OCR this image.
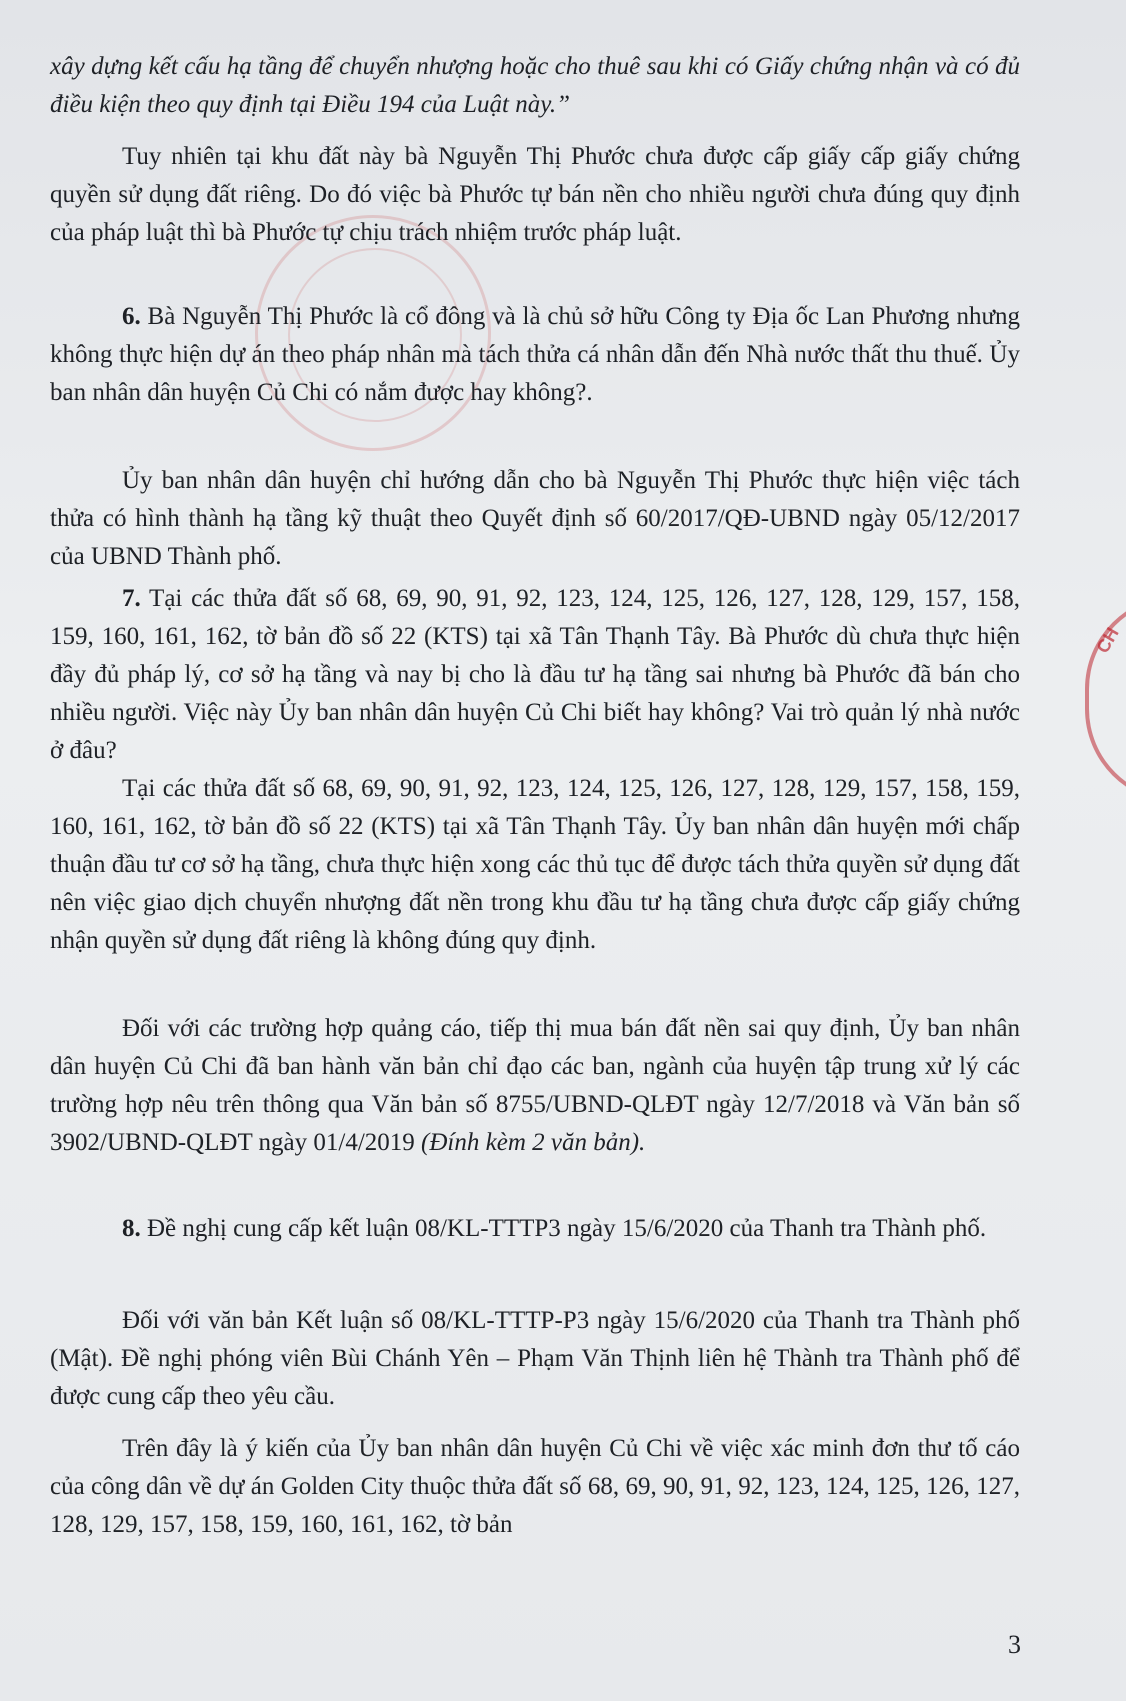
CH

xây dựng kết cấu hạ tầng để chuyển nhượng hoặc cho thuê sau khi có Giấy chứng nhận và có đủ điều kiện theo quy định tại Điều 194 của Luật này.”

Tuy nhiên tại khu đất này bà Nguyễn Thị Phước chưa được cấp giấy cấp giấy chứng quyền sử dụng đất riêng. Do đó việc bà Phước tự bán nền cho nhiều người chưa đúng quy định của pháp luật thì bà Phước tự chịu trách nhiệm trước pháp luật.

6. Bà Nguyễn Thị Phước là cổ đông và là chủ sở hữu Công ty Địa ốc Lan Phương nhưng không thực hiện dự án theo pháp nhân mà tách thửa cá nhân dẫn đến Nhà nước thất thu thuế. Ủy ban nhân dân huyện Củ Chi có nắm được hay không?.

Ủy ban nhân dân huyện chỉ hướng dẫn cho bà Nguyễn Thị Phước thực hiện việc tách thửa có hình thành hạ tầng kỹ thuật theo Quyết định số 60/2017/QĐ-UBND ngày 05/12/2017 của UBND Thành phố.

7. Tại các thửa đất số 68, 69, 90, 91, 92, 123, 124, 125, 126, 127, 128, 129, 157, 158, 159, 160, 161, 162, tờ bản đồ số 22 (KTS) tại xã Tân Thạnh Tây. Bà Phước dù chưa thực hiện đầy đủ pháp lý, cơ sở hạ tầng và nay bị cho là đầu tư hạ tầng sai nhưng bà Phước đã bán cho nhiều người. Việc này Ủy ban nhân dân huyện Củ Chi biết hay không? Vai trò quản lý nhà nước ở đâu?

Tại các thửa đất số 68, 69, 90, 91, 92, 123, 124, 125, 126, 127, 128, 129, 157, 158, 159, 160, 161, 162, tờ bản đồ số 22 (KTS) tại xã Tân Thạnh Tây. Ủy ban nhân dân huyện mới chấp thuận đầu tư cơ sở hạ tầng, chưa thực hiện xong các thủ tục để được tách thửa quyền sử dụng đất nên việc giao dịch chuyển nhượng đất nền trong khu đầu tư hạ tầng chưa được cấp giấy chứng nhận quyền sử dụng đất riêng là không đúng quy định.

Đối với các trường hợp quảng cáo, tiếp thị mua bán đất nền sai quy định, Ủy ban nhân dân huyện Củ Chi đã ban hành văn bản chỉ đạo các ban, ngành của huyện tập trung xử lý các trường hợp nêu trên thông qua Văn bản số 8755/UBND-QLĐT ngày 12/7/2018 và Văn bản số 3902/UBND-QLĐT ngày 01/4/2019 (Đính kèm 2 văn bản).

8. Đề nghị cung cấp kết luận 08/KL-TTTP3 ngày 15/6/2020 của Thanh tra Thành phố.

Đối với văn bản Kết luận số 08/KL-TTTP-P3 ngày 15/6/2020 của Thanh tra Thành phố (Mật). Đề nghị phóng viên Bùi Chánh Yên – Phạm Văn Thịnh liên hệ Thành tra Thành phố để được cung cấp theo yêu cầu.

Trên đây là ý kiến của Ủy ban nhân dân huyện Củ Chi về việc xác minh đơn thư tố cáo của công dân về dự án Golden City thuộc thửa đất số 68, 69, 90, 91, 92, 123, 124, 125, 126, 127, 128, 129, 157, 158, 159, 160, 161, 162, tờ bản

3
